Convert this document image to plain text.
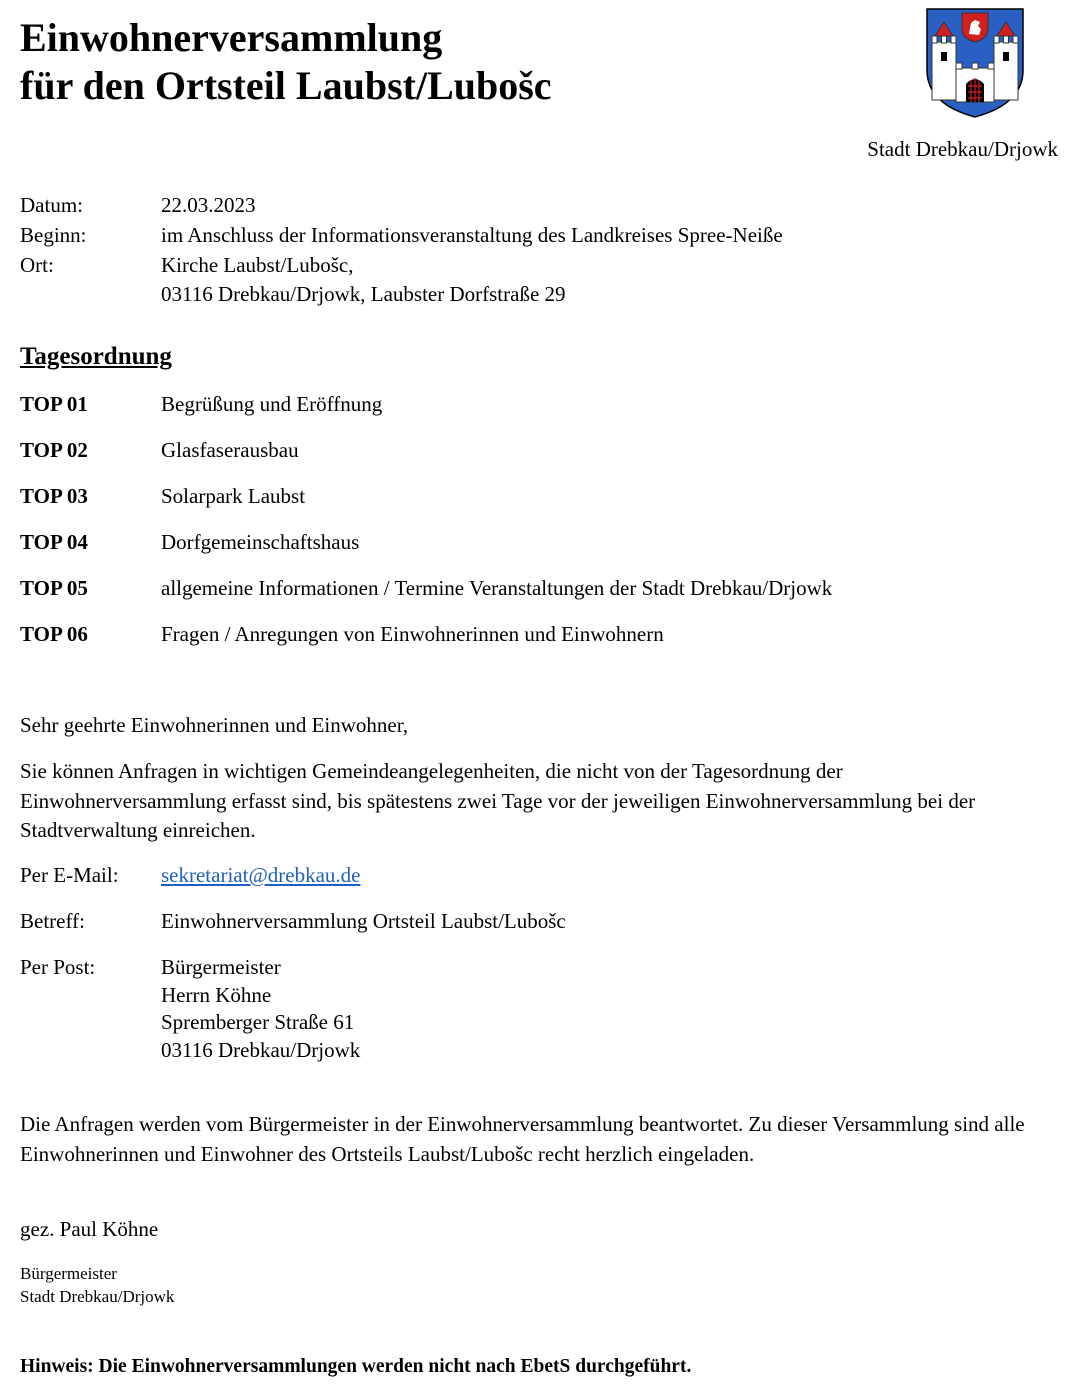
Einwohnerversammlung
für den Ortsteil Laubst/Lubošc
Stadt Drebkau/Drjowk
Datum:	22.03.2023
Beginn:	im Anschluss der Informationsveranstaltung des Landkreises Spree-Neiße
Ort:	Kirche Laubst/Lubošc,
03116 Drebkau/Drjowk, Laubster Dorfstraße 29
Tagesordnung
TOP 01	Begrüßung und Eröffnung
TOP 02	Glasfaserausbau
TOP 03	Solarpark Laubst
TOP 04	Dorfgemeinschaftshaus
TOP 05	allgemeine Informationen / Termine Veranstaltungen der Stadt Drebkau/Drjowk
TOP 06	Fragen / Anregungen von Einwohnerinnen und Einwohnern
Sehr geehrte Einwohnerinnen und Einwohner,
Sie können Anfragen in wichtigen Gemeindeangelegenheiten, die nicht von der Tagesordnung der Einwohnerversammlung erfasst sind, bis spätestens zwei Tage vor der jeweiligen Einwohnerversammlung bei der Stadtverwaltung einreichen.
Per E-Mail: sekretariat@drebkau.de
Betreff:	Einwohnerversammlung Ortsteil Laubst/Lubošc
Per Post:	Bürgermeister
Herrn Köhne
Spremberger Straße 61
03116 Drebkau/Drjowk
Die Anfragen werden vom Bürgermeister in der Einwohnerversammlung beantwortet. Zu dieser Versammlung sind alle Einwohnerinnen und Einwohner des Ortsteils Laubst/Lubošc recht herzlich eingeladen.
gez. Paul Köhne
Bürgermeister
Stadt Drebkau/Drjowk
Hinweis: Die Einwohnerversammlungen werden nicht nach EbetS durchgeführt.
